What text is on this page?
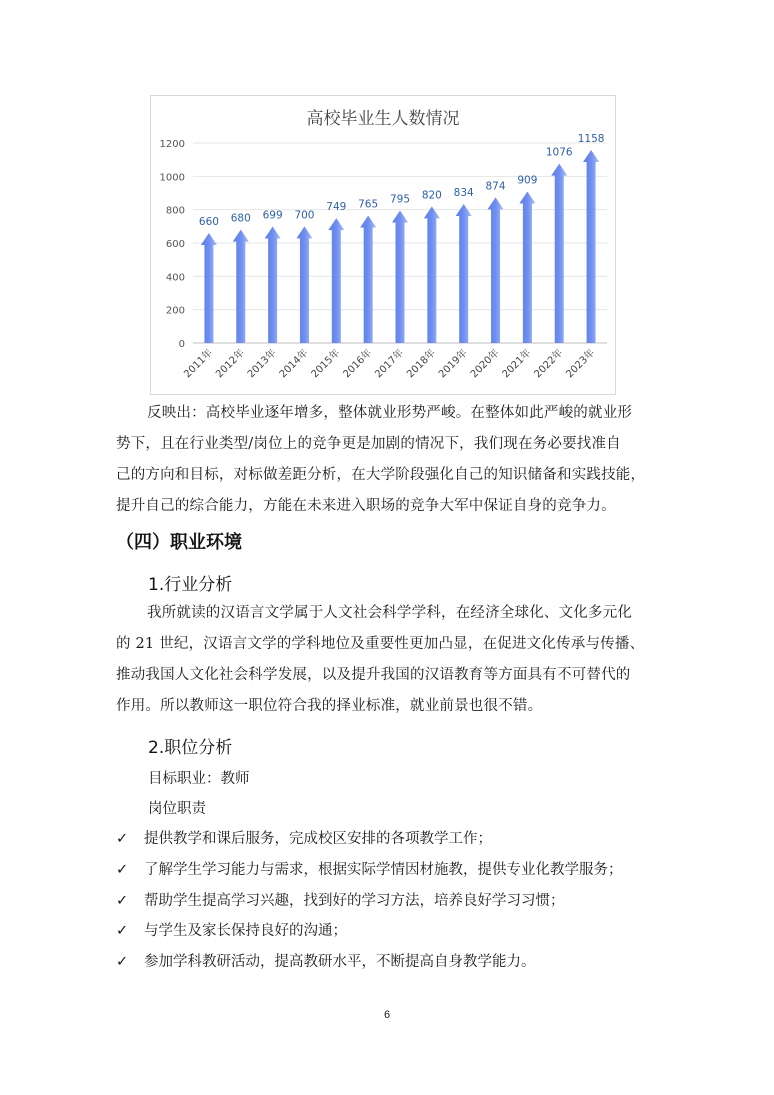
高校毕业生人数情况
0
200
400
600
800
1000
1200
660
2011年
680
2012年
699
2013年
700
2014年
749
2015年
765
2016年
795
2017年
820
2018年
834
2019年
874
2020年
909
2021年
1076
2022年
1158
2023年

反映出：高校毕业逐年增多，整体就业形势严峻。在整体如此严峻的就业形
势下，且在行业类型/岗位上的竞争更是加剧的情况下，我们现在务必要找准自
己的方向和目标，对标做差距分析，在大学阶段强化自己的知识储备和实践技能，
提升自己的综合能力，方能在未来进入职场的竞争大军中保证自身的竞争力。

（四）职业环境
1.行业分析

我所就读的汉语言文学属于人文社会科学学科，在经济全球化、文化多元化
的 21 世纪，汉语言文学的学科地位及重要性更加凸显，在促进文化传承与传播、
推动我国人文化社会科学发展，以及提升我国的汉语教育等方面具有不可替代的
作用。所以教师这一职位符合我的择业标准，就业前景也很不错。

2.职位分析
目标职业：教师
岗位职责
✓ 提供教学和课后服务，完成校区安排的各项教学工作；
✓ 了解学生学习能力与需求，根据实际学情因材施教，提供专业化教学服务；
✓ 帮助学生提高学习兴趣，找到好的学习方法，培养良好学习习惯；
✓ 与学生及家长保持良好的沟通；
✓ 参加学科教研活动，提高教研水平，不断提高自身教学能力。
6
